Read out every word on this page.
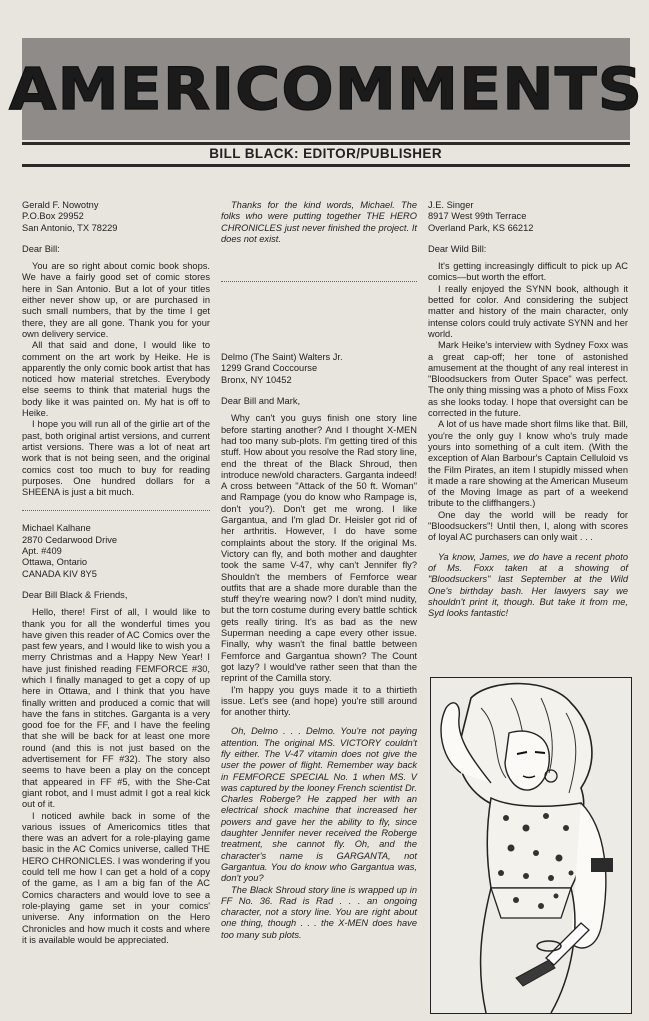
AMERICOMMENTS
BILL BLACK: EDITOR/PUBLISHER
Gerald F. Nowotny
P.O.Box 29952
San Antonio, TX 78229
Dear Bill:

You are so right about comic book shops. We have a fairly good set of comic stores here in San Antonio. But a lot of your titles either never show up, or are purchased in such small numbers, that by the time I get there, they are all gone. Thank you for your own delivery service.

All that said and done, I would like to comment on the art work by Heike. He is apparently the only comic book artist that has noticed how material stretches. Everybody else seems to think that material hugs the body like it was painted on. My hat is off to Heike.

I hope you will run all of the girlie art of the past, both original artist versions, and current artist versions. There was a lot of neat art work that is not being seen, and the original comics cost too much to buy for reading purposes. One hundred dollars for a SHEENA is just a bit much.

Michael Kalhane
2870 Cedarwood Drive
Apt. #409
Ottawa, Ontario
CANADA KIV 8Y5
Dear Bill Black & Friends,

Hello, there! First of all, I would like to thank you for all the wonderful times you have given this reader of AC Comics over the past few years, and I would like to wish you a merry Christmas and a Happy New Year! I have just finished reading FEMFORCE #30, which I finally managed to get a copy of up here in Ottawa, and I think that you have finally written and produced a comic that will have the fans in stitches. Garganta is a very good foe for the FF, and I have the feeling that she will be back for at least one more round (and this is not just based on the advertisement for FF #32). The story also seems to have been a play on the concept that appeared in FF #5, with the She-Cat giant robot, and I must admit I got a real kick out of it.

I noticed awhile back in some of the various issues of Americomics titles that there was an advert for a role-playing game basic in the AC Comics universe, called THE HERO CHRONICLES. I was wondering if you could tell me how I can get a hold of a copy of the game, as I am a big fan of the AC Comics characters and would love to see a role-playing game set in your comics' universe. Any information on the Hero Chronicles and how much it costs and where it is available would be appreciated.

Thanks for the kind words, Michael. The folks who were putting together THE HERO CHRONICLES just never finished the project. It does not exist.

Delmo (The Saint) Walters Jr.
1299 Grand Coccourse
Bronx, NY 10452
Dear Bill and Mark,

Why can't you guys finish one story line before starting another? And I thought X-MEN had too many sub-plots. I'm getting tired of this stuff. How about you resolve the Rad story line, end the threat of the Black Shroud, then introduce new/old characters. Garganta indeed! A cross between "Attack of the 50 ft. Woman" and Rampage (you do know who Rampage is, don't you?). Don't get me wrong. I like Gargantua, and I'm glad Dr. Heisler got rid of her arthritis. However, I do have some complaints about the story. If the original Ms. Victory can fly, and both mother and daughter took the same V-47, why can't Jennifer fly? Shouldn't the members of Femforce wear outfits that are a shade more durable than the stuff they're wearing now? I don't mind nudity, but the torn costume during every battle schtick gets really tiring. It's as bad as the new Superman needing a cape every other issue. Finally, why wasn't the final battle between Femforce and Gargantua shown? The Count got lazy? I would've rather seen that than the reprint of the Camilla story.

I'm happy you guys made it to a thirtieth issue. Let's see (and hope) you're still around for another thirty.

Oh, Delmo . . . Delmo. You're not paying attention. The original MS. VICTORY couldn't fly either. The V-47 vitamin does not give the user the power of flight. Remember way back in FEMFORCE SPECIAL No. 1 when MS. V was captured by the looney French scientist Dr. Charles Roberge? He zapped her with an electrical shock machine that increased her powers and gave her the ability to fly, since daughter Jennifer never received the Roberge treatment, she cannot fly. Oh, and the character's name is GARGANTA, not Gargantua. You do know who Gargantua was, don't you?

The Black Shroud story line is wrapped up in FF No. 36. Rad is Rad . . . an ongoing character, not a story line. You are right about one thing, though . . . the X-MEN does have too many sub plots.

J.E. Singer
8917 West 99th Terrace
Overland Park, KS 66212
Dear Wild Bill:

It's getting increasingly difficult to pick up AC comics—but worth the effort.

I really enjoyed the SYNN book, although it betted for color. And considering the subject matter and history of the main character, only intense colors could truly activate SYNN and her world.

Mark Heike's interview with Sydney Foxx was a great cap-off; her tone of astonished amusement at the thought of any real interest in "Bloodsuckers from Outer Space" was perfect. The only thing missing was a photo of Miss Foxx as she looks today. I hope that oversight can be corrected in the future.

A lot of us have made short films like that. Bill, you're the only guy I know who's truly made yours into something of a cult item. (With the exception of Alan Barbour's Captain Celluloid vs the Film Pirates, an item I stupidly missed when it made a rare showing at the American Museum of the Moving Image as part of a weekend tribute to the cliffhangers.)

One day the world will be ready for "Bloodsuckers"! Until then, I, along with scores of loyal AC purchasers can only wait . . .

Ya know, James, we do have a recent photo of Ms. Foxx taken at a showing of "Bloodsuckers" last September at the Wild One's birthday bash. Her lawyers say we shouldn't print it, though. But take it from me, Syd looks fantastic!
